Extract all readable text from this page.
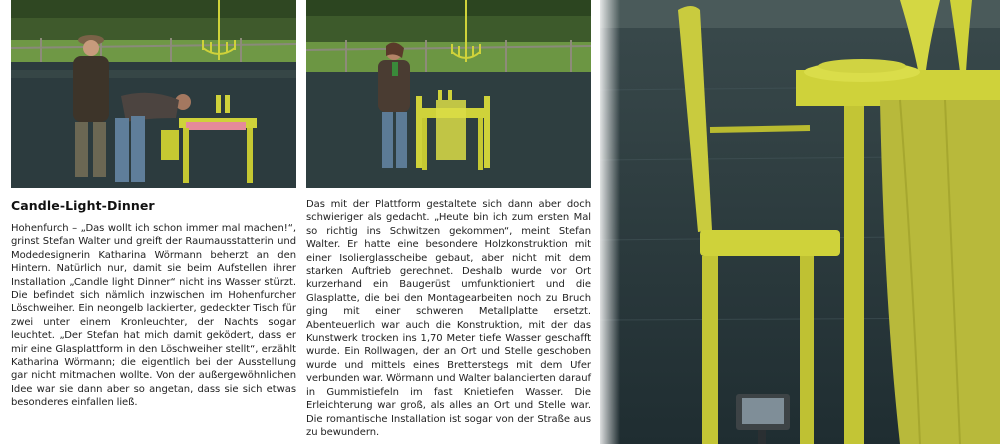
Candle-Light-Dinner

Hohenfurch – „Das wollt ich schon immer mal machen!“, grinst Stefan Walter und greift der Raumausstatterin und Modedesignerin Katharina Wörmann beherzt an den Hintern. Natürlich nur, damit sie beim Aufstellen ihrer Installation „Candle light Dinner“ nicht ins Wasser stürzt. Die befindet sich nämlich inzwischen im Hohenfurcher Löschweiher. Ein neongelb lackierter, gedeckter Tisch für zwei unter einem Kronleuchter, der Nachts sogar leuchtet. „Der Stefan hat mich damit geködert, dass er mir eine Glasplattform in den Löschweiher stellt“, erzählt Katharina Wörmann; die eigentlich bei der Ausstellung gar nicht mitmachen wollte. Von der außergewöhnlichen Idee war sie dann aber so angetan, dass sie sich etwas besonderes einfallen ließ.

Das mit der Plattform gestaltete sich dann aber doch schwieriger als gedacht. „Heute bin ich zum ersten Mal so richtig ins Schwitzen gekommen“, meint Stefan Walter. Er hatte eine besondere Holzkonstruktion mit einer Isolierglasscheibe gebaut, aber nicht mit dem starken Auftrieb gerechnet. Deshalb wurde vor Ort kurzerhand ein Baugerüst umfunktioniert und die Glasplatte, die bei den Montagearbeiten noch zu Bruch ging mit einer schweren Metallplatte ersetzt. Abenteuerlich war auch die Konstruktion, mit der das Kunstwerk trocken ins 1,70 Meter tiefe Wasser geschafft wurde. Ein Rollwagen, der an Ort und Stelle geschoben wurde und mittels eines Bretterstegs mit dem Ufer verbunden war. Wörmann und Walter balancierten darauf in Gummistiefeln im fast Knietiefen Wasser. Die Erleichterung war groß, als alles an Ort und Stelle war. Die romantische Installation ist sogar von der Straße aus zu bewundern.
